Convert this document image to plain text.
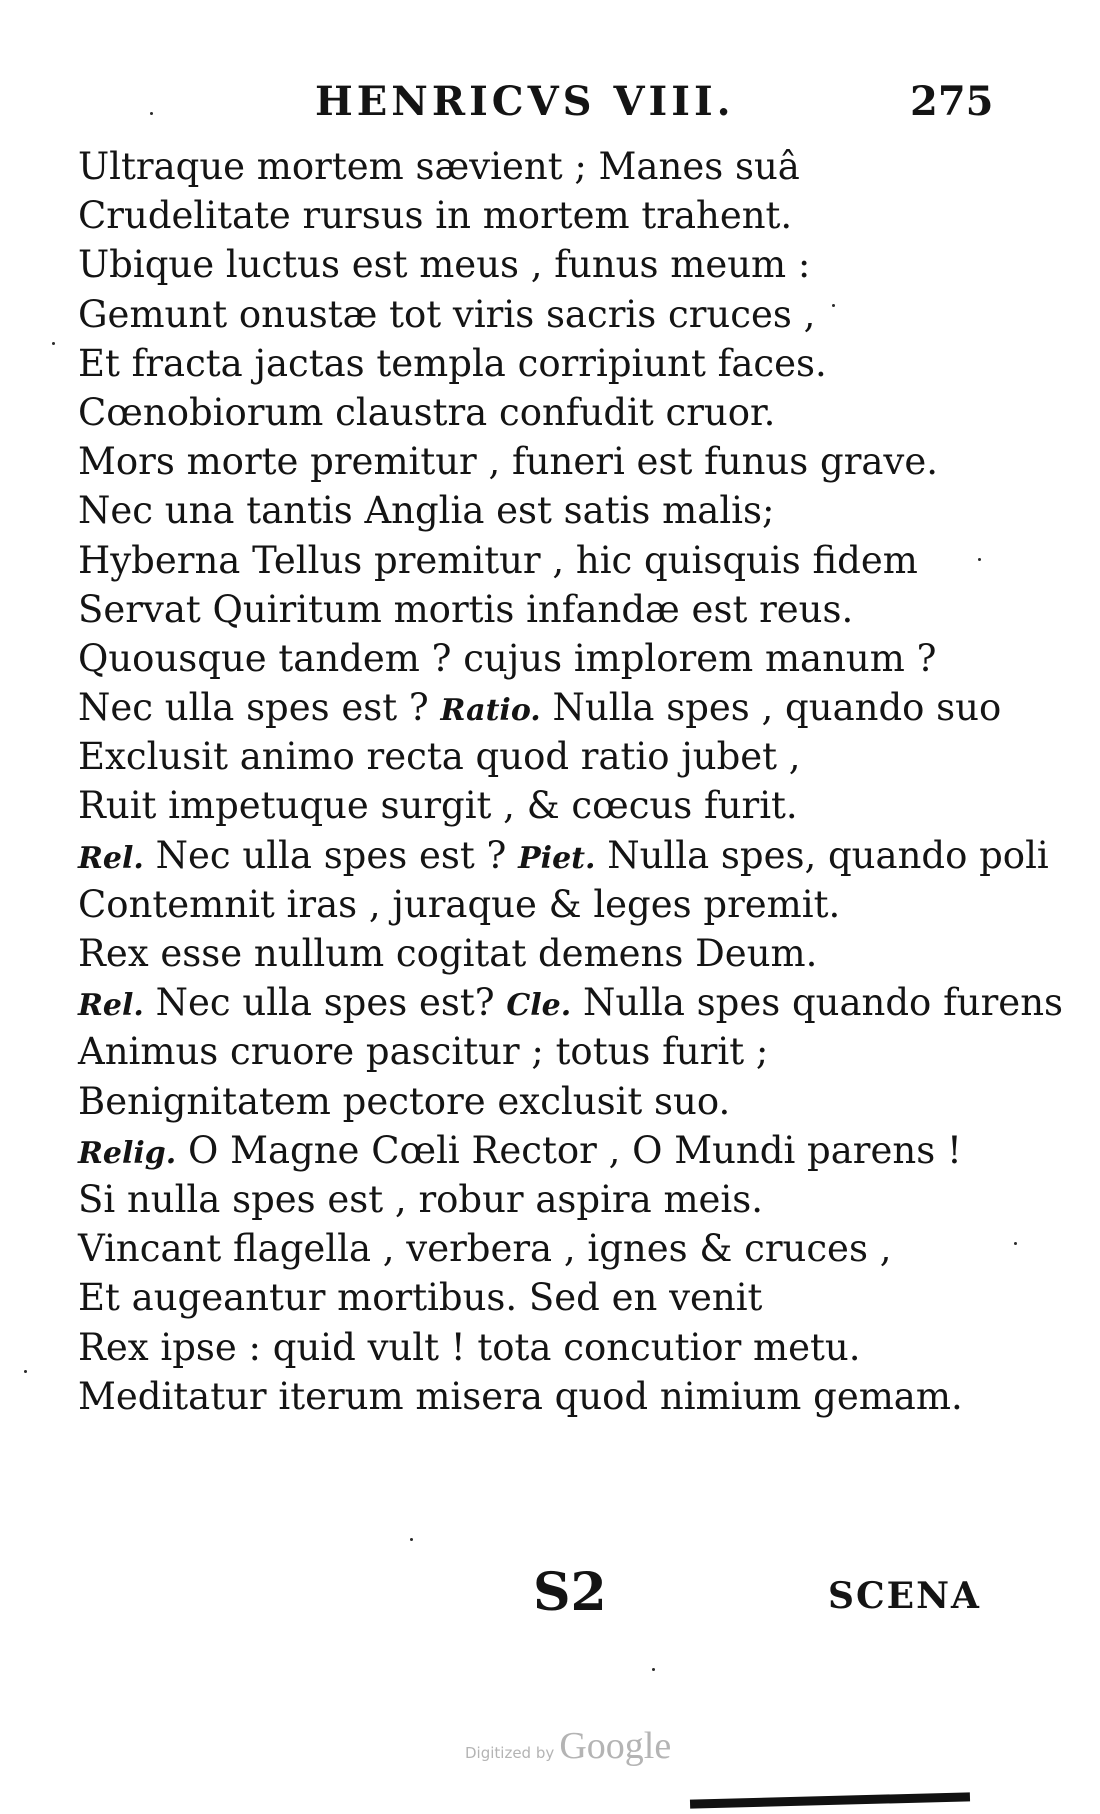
HENRICVS VIII.	275
Ultraque mortem sævient ; Manes suâ
Crudelitate rursus in mortem trahent.
Ubique luctus est meus , funus meum :
Gemunt onustæ tot viris sacris cruces ,
Et fracta jactas templa corripiunt faces.
Cœnobiorum claustra confudit cruor.
Mors morte premitur , funeri est funus grave.
Nec una tantis Anglia est satis malis;
Hyberna Tellus premitur , hic quisquis fidem
Servat Quiritum mortis infandæ est reus.
Quousque tandem ? cujus implorem manum ?
Nec ulla spes est ? Ratio. Nulla spes , quando suo
Exclusit animo recta quod ratio jubet ,
Ruit impetuque surgit , & cœcus furit.
Rel. Nec ulla spes est ? Piet. Nulla spes, quando poli
Contemnit iras , juraque & leges premit.
Rex esse nullum cogitat demens Deum.
Rel. Nec ulla spes est? Cle. Nulla spes quando furens
Animus cruore pascitur ; totus furit ;
Benignitatem pectore exclusit suo.
Relig. O Magne Cœli Rector , O Mundi parens !
Si nulla spes est , robur aspira meis.
Vincant flagella , verbera , ignes & cruces ,
Et augeantur mortibus. Sed en venit
Rex ipse : quid vult ! tota concutior metu.
Meditatur iterum misera quod nimium gemam.
S2	SCENA
Digitized by Google
